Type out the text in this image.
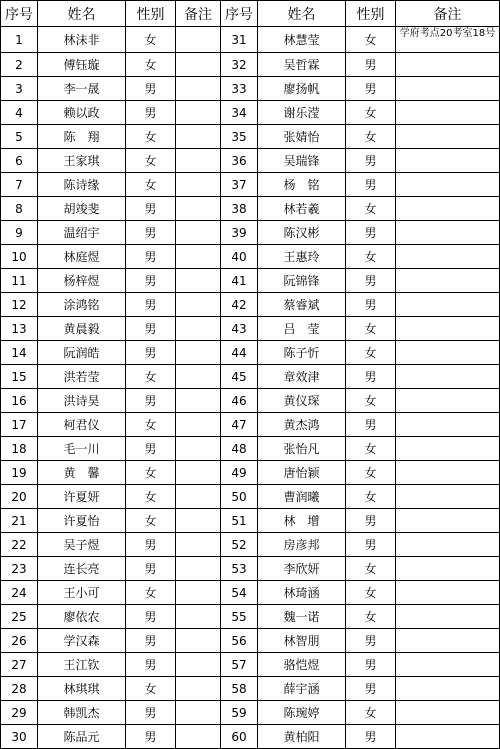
序号	姓名	性别	备注	序号	姓名	性别	备注
1	林沫非	女		31	林慧莹	女	学府考点20考室18号
2	傅钰璇	女		32	吴哲霖	男	
3	李一晟	男		33	廖扬帆	男	
4	赖以政	男		34	谢乐滢	女	
5	陈　翔	女		35	张婧怡	女	
6	王家琪	女		36	吴瑞锋	男	
7	陈诗缘	女		37	杨　铭	男	
8	胡竣斐	男		38	林若羲	女	
9	温绍宇	男		39	陈汉彬	男	
10	林庭煜	男		40	王惠玲	女	
11	杨梓煜	男		41	阮锦锋	男	
12	涂鸿铭	男		42	蔡睿斌	男	
13	黄晨毅	男		43	吕　莹	女	
14	阮润皓	男		44	陈子忻	女	
15	洪若莹	女		45	章效津	男	
16	洪诗昊	男		46	黄仪琛	女	
17	柯君仪	女		47	黄杰鸿	男	
18	毛一川	男		48	张怡凡	女	
19	黄　馨	女		49	唐怡颖	女	
20	许夏妍	女		50	曹润曦	女	
21	许夏怡	女		51	林　增	男	
22	吴子煜	男		52	房彦邦	男	
23	连长亮	男		53	李欣妍	女	
24	王小可	女		54	林琦涵	女	
25	廖依农	男		55	魏一诺	女	
26	学汉森	男		56	林智朋	男	
27	王江钦	男		57	骆恺煜	男	
28	林琪琪	女		58	薛宇涵	男	
29	韩凯杰	男		59	陈琬婷	女	
30	陈品元	男		60	黄柏阳	男	
